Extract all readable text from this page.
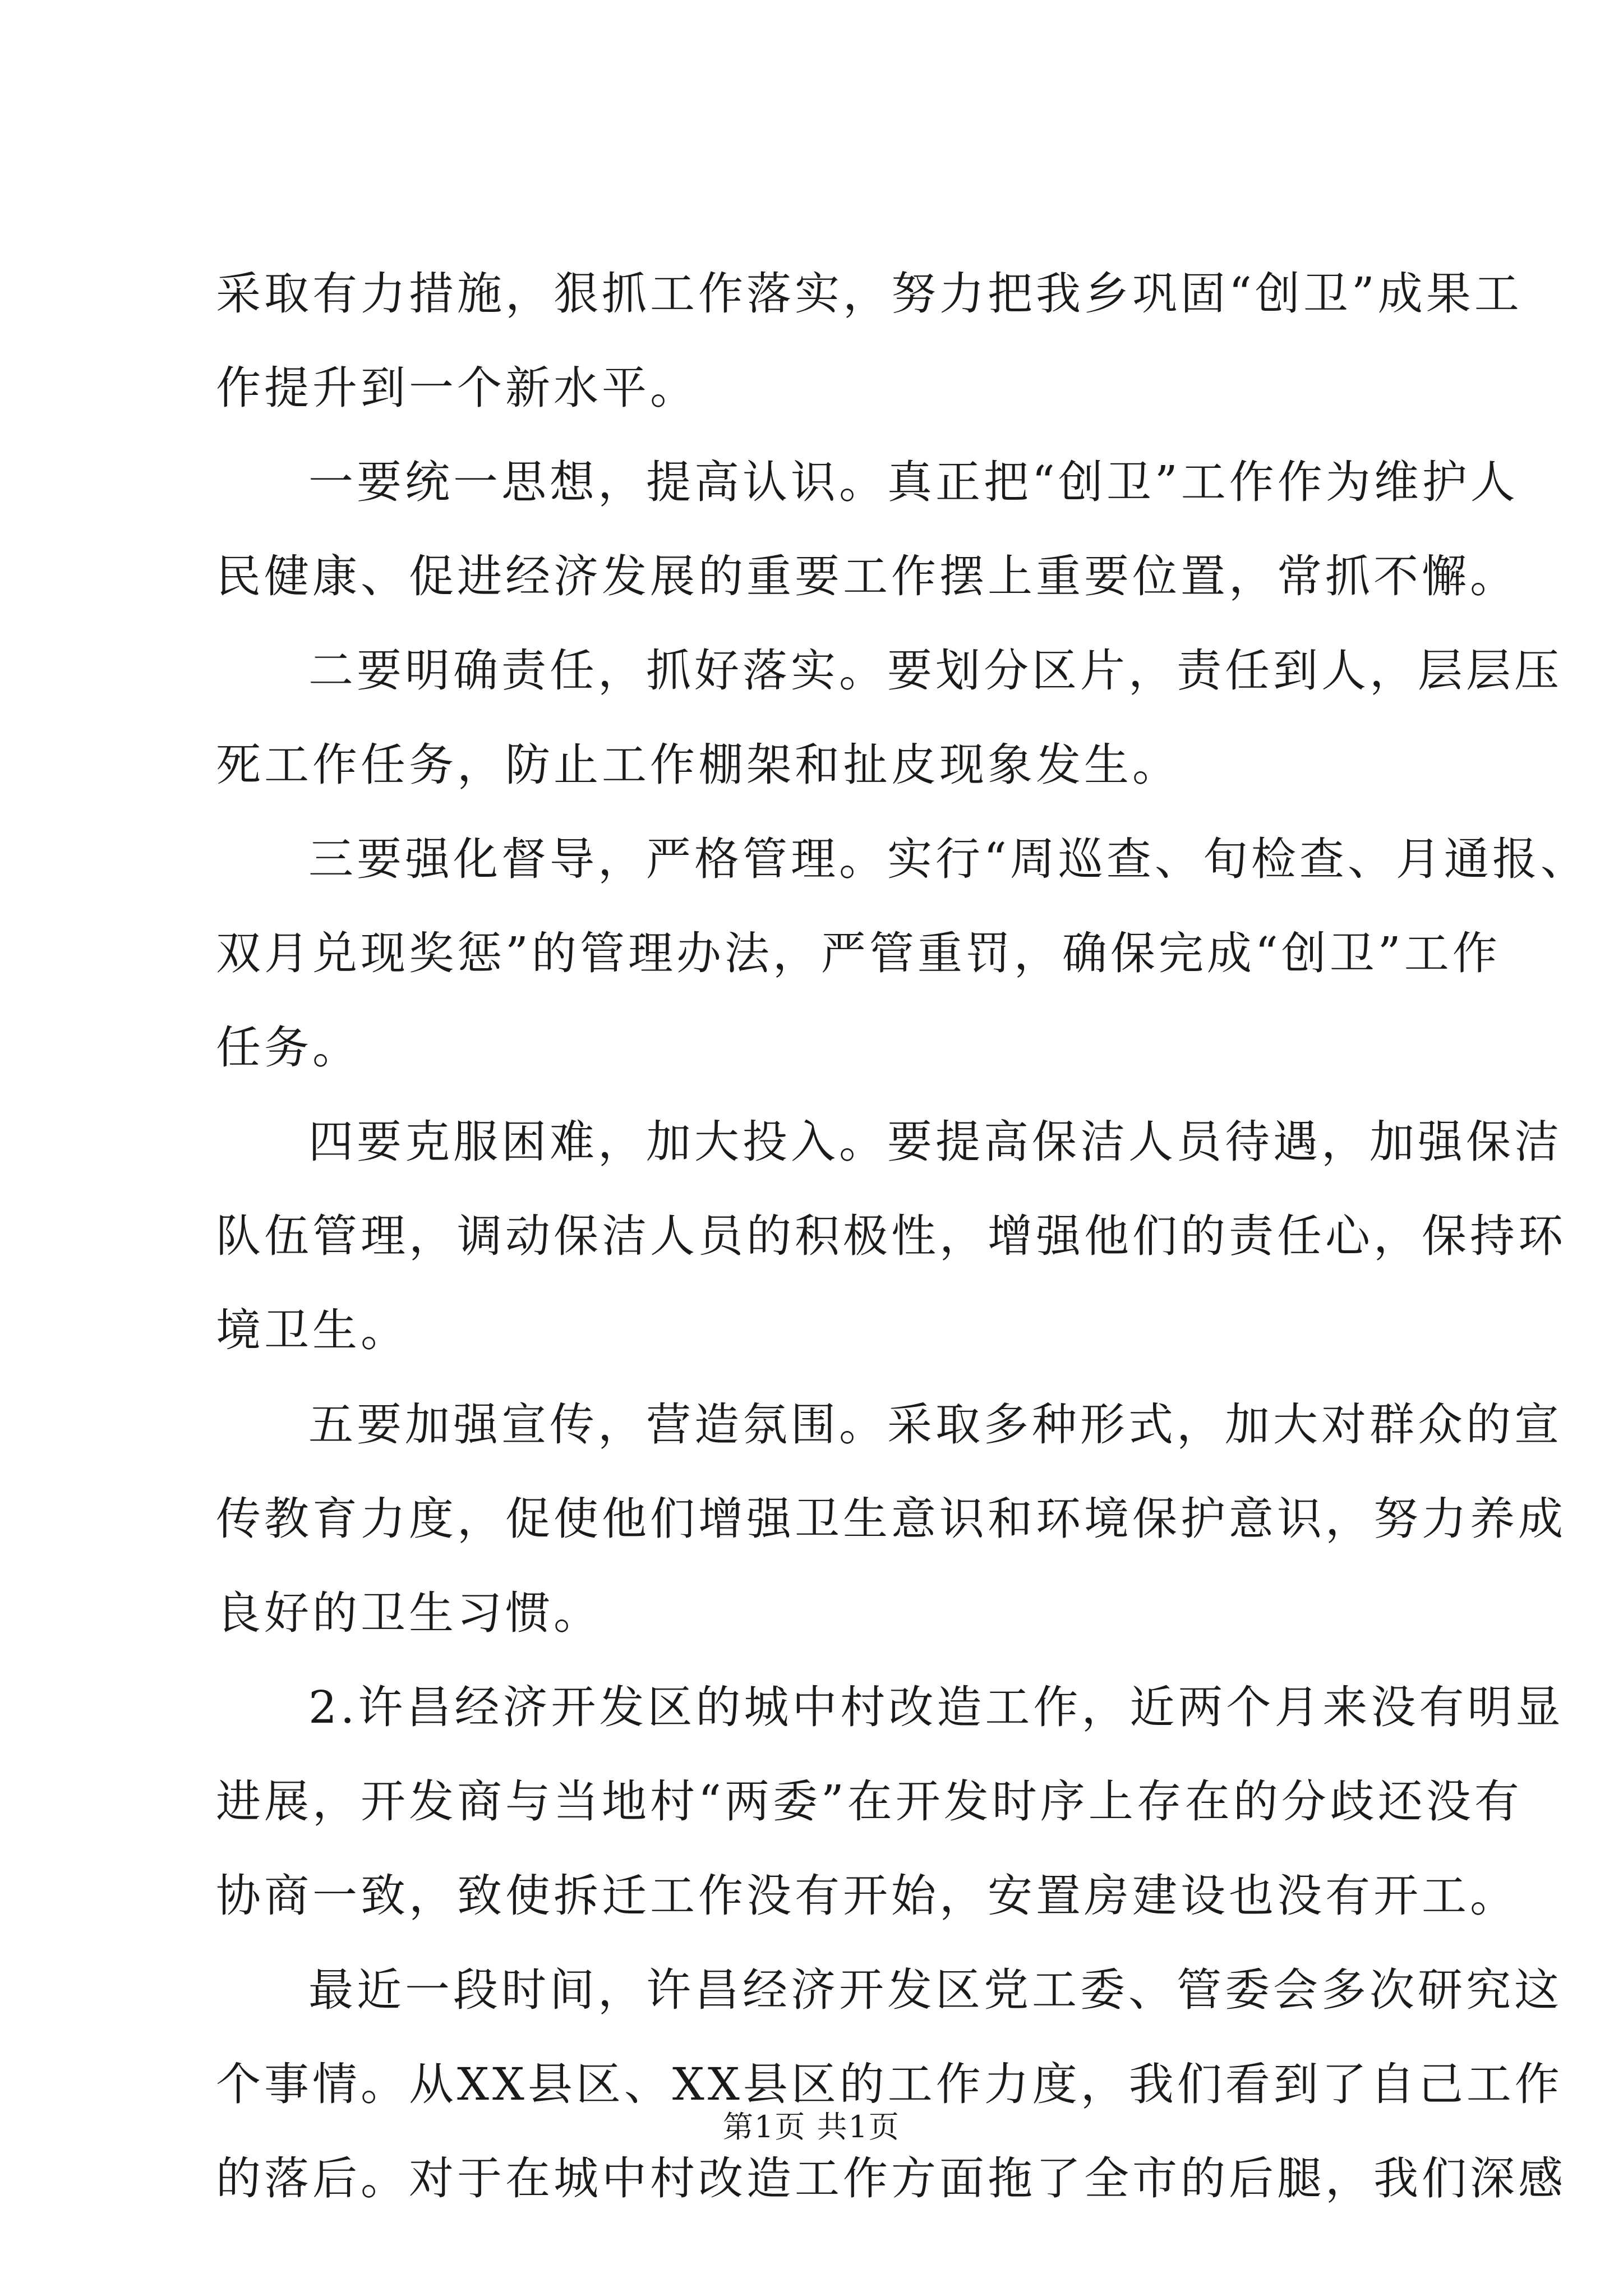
采取有力措施，狠抓工作落实，努力把我乡巩固“创卫”成果工
作提升到一个新水平。
一要统一思想，提高认识。真正把“创卫”工作作为维护人
民健康、促进经济发展的重要工作摆上重要位置，常抓不懈。
二要明确责任，抓好落实。要划分区片，责任到人，层层压
死工作任务，防止工作棚架和扯皮现象发生。
三要强化督导，严格管理。实行“周巡查、旬检查、月通报、
双月兑现奖惩”的管理办法，严管重罚，确保完成“创卫”工作
任务。
四要克服困难，加大投入。要提高保洁人员待遇，加强保洁
队伍管理，调动保洁人员的积极性，增强他们的责任心，保持环
境卫生。
五要加强宣传，营造氛围。采取多种形式，加大对群众的宣
传教育力度，促使他们增强卫生意识和环境保护意识，努力养成
良好的卫生习惯。
2.许昌经济开发区的城中村改造工作，近两个月来没有明显
进展，开发商与当地村“两委”在开发时序上存在的分歧还没有
协商一致，致使拆迁工作没有开始，安置房建设也没有开工。
最近一段时间，许昌经济开发区党工委、管委会多次研究这
个事情。从XX县区、XX县区的工作力度，我们看到了自己工作
的落后。对于在城中村改造工作方面拖了全市的后腿，我们深感
第1页 共1页
